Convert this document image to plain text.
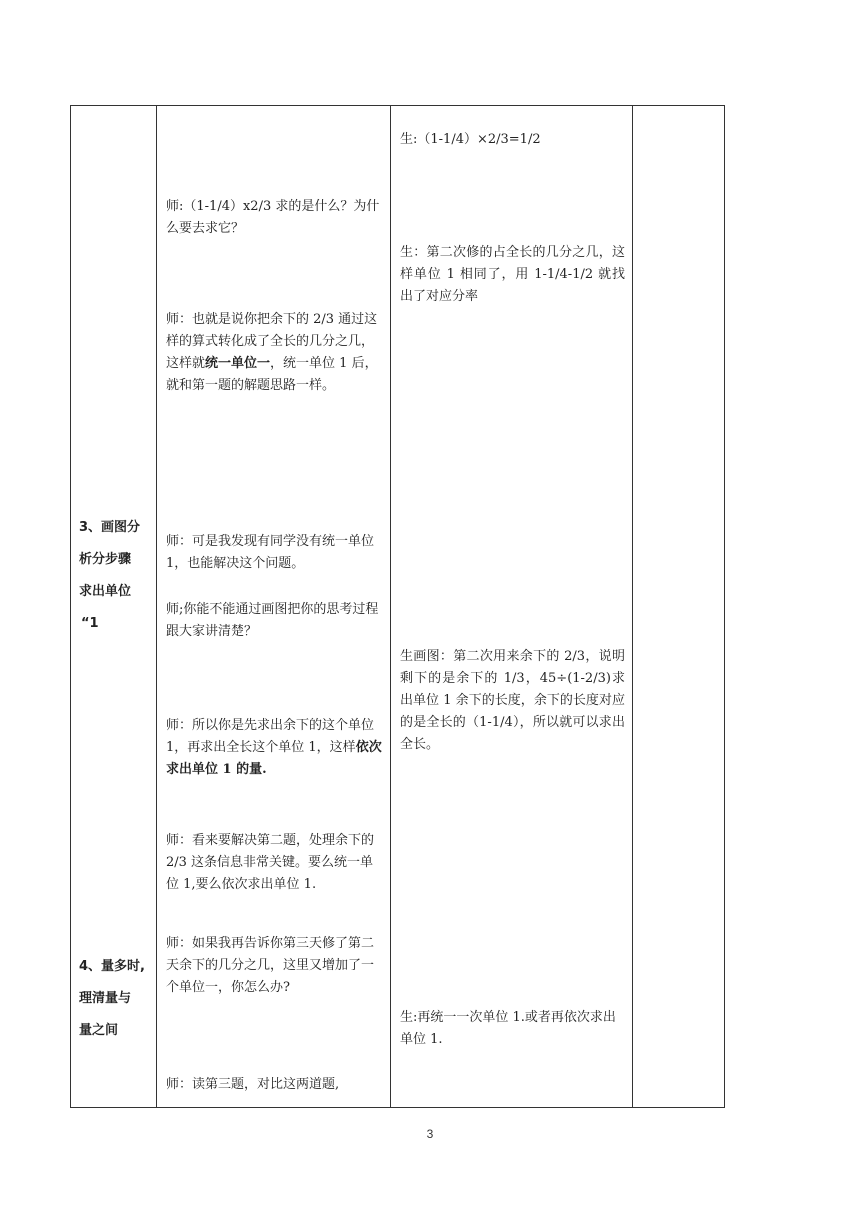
3、画图分
析分步骤
求出单位
“1
4、量多时,
理清量与
量之间

师:（1-1/4）x2/3 求的是什么？为什么要去求它？

师：也就是说你把余下的 2/3 通过这样的算式转化成了全长的几分之几，这样就统一单位一，统一单位 1 后，就和第一题的解题思路一样。

师：可是我发现有同学没有统一单位 1，也能解决这个问题。

师;你能不能通过画图把你的思考过程跟大家讲清楚？

师：所以你是先求出余下的这个单位 1，再求出全长这个单位 1，这样依次求出单位 1 的量.

师：看来要解决第二题，处理余下的 2/3 这条信息非常关键。要么统一单位 1,要么依次求出单位 1.

师：如果我再告诉你第三天修了第二天余下的几分之几，这里又增加了一个单位一，你怎么办?

师：读第三题，对比这两道题,

生:（1-1/4）×2/3=1/2

生：第二次修的占全长的几分之几，这样单位 1 相同了，用 1-1/4-1/2 就找出了对应分率

生画图：第二次用来余下的 2/3，说明剩下的是余下的 1/3，45÷(1-2/3)求出单位 1 余下的长度，余下的长度对应的是全长的（1-1/4），所以就可以求出全长。

生:再统一一次单位 1.或者再依次求出单位 1.

3
